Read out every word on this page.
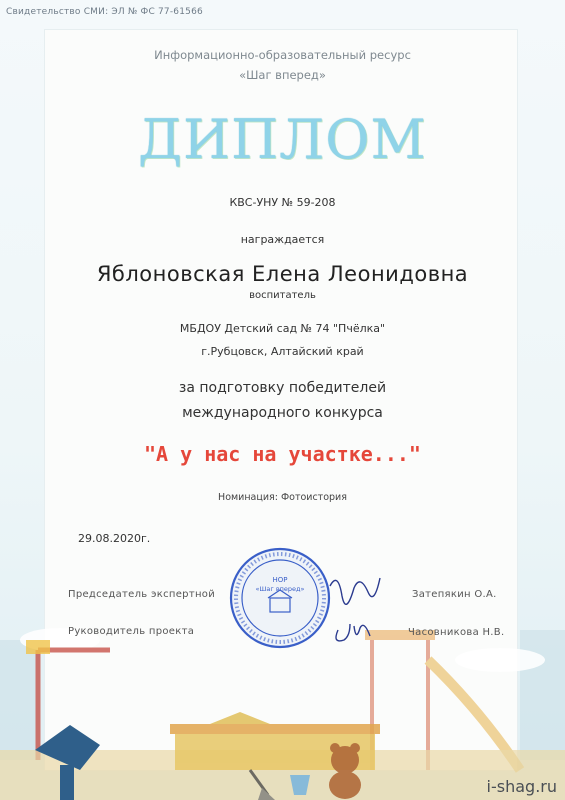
Свидетельство СМИ: ЭЛ № ФС 77-61566
Информационно-образовательный ресурс
«Шаг вперед»
ДИПЛОМ
КВС-УНУ № 59-208
награждается
Яблоновская Елена Леонидовна
воспитатель
МБДОУ Детский сад № 74 "Пчёлка"
г.Рубцовск, Алтайский край
за подготовку победителей
международного конкурса
"А у нас на участке..."
Номинация: Фотоистория
29.08.2020г.
Председатель экспертной	Затепякин О.А.
Руководитель проекта	Часовникова Н.В.
НОР
«Шаг вперед»
i-shag.ru
